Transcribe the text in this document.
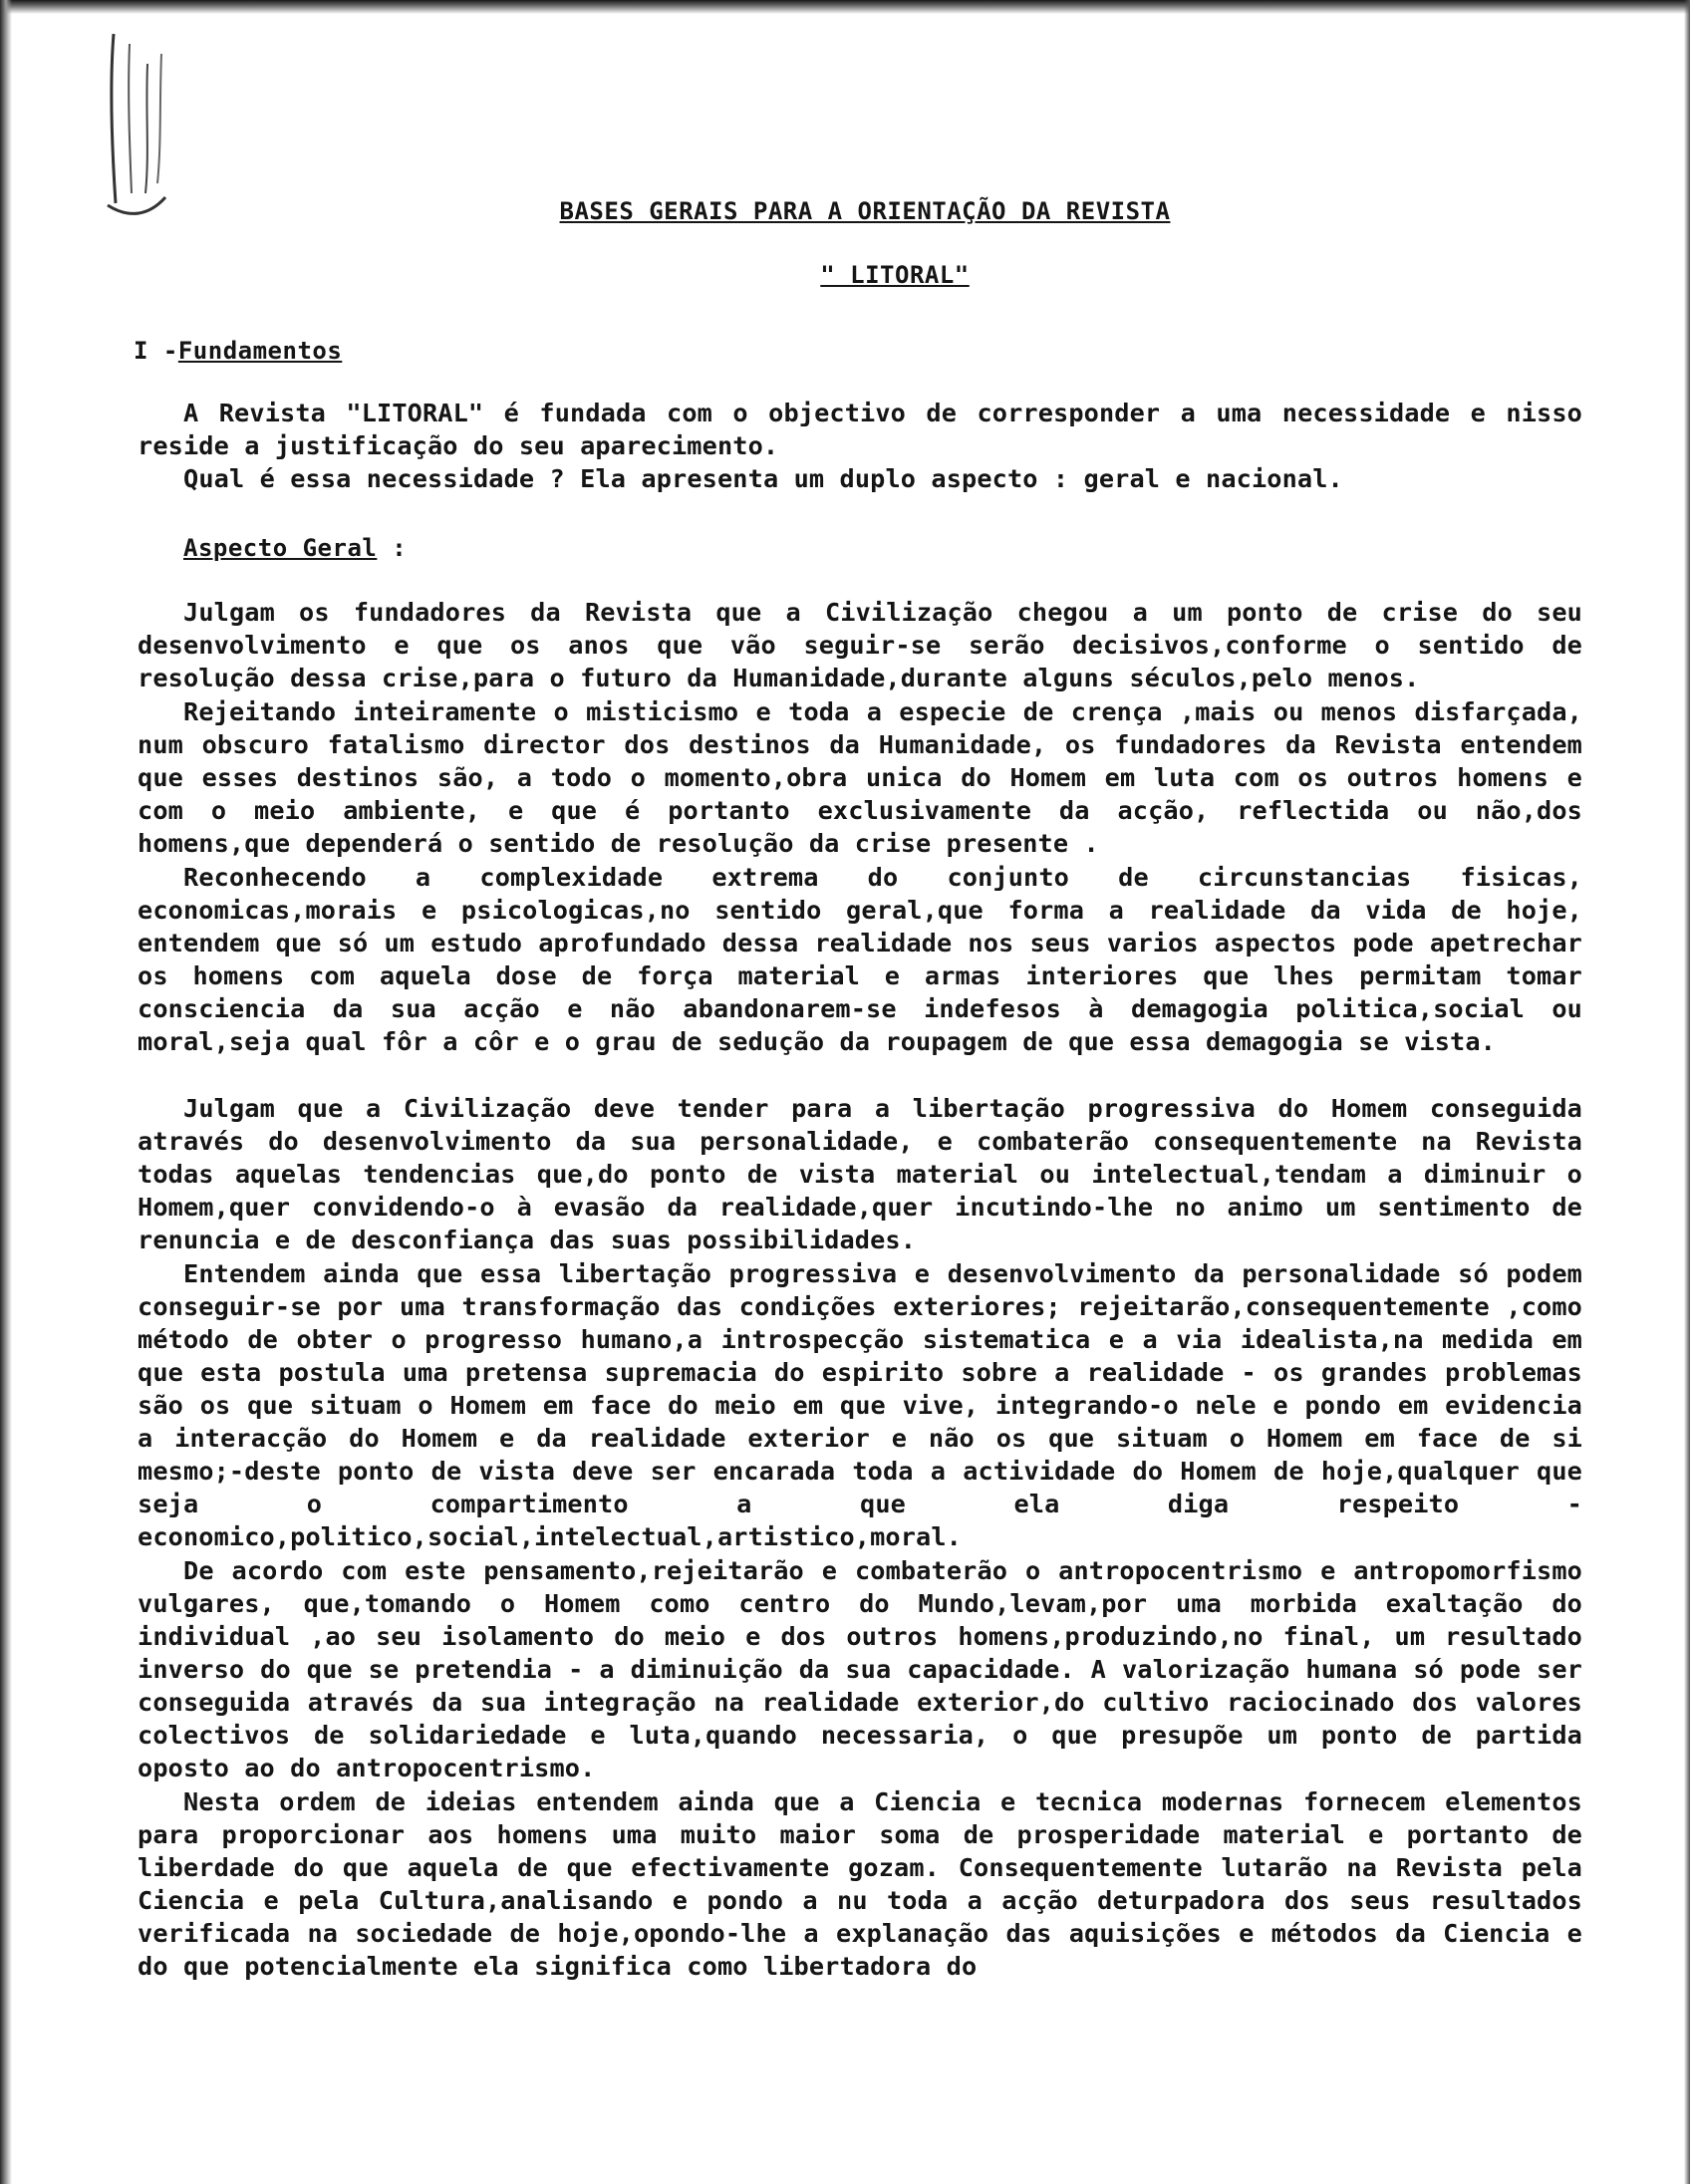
BASES GERAIS PARA A ORIENTAÇÃO DA REVISTA
" LITORAL"
I -Fundamentos
A Revista "LITORAL" é fundada com o objectivo de corresponder a uma necessidade e nisso reside a justificação do seu aparecimento.
Qual é essa necessidade ? Ela apresenta um duplo aspecto : geral e nacional.
Aspecto Geral :
Julgam os fundadores da Revista que a Civilização chegou a um ponto de crise do seu desenvolvimento e que os anos que vão seguir-se serão decisivos,conforme o sentido de resolução dessa crise,para o futuro da Humanidade,durante alguns séculos,pelo menos.
Rejeitando inteiramente o misticismo e toda a especie de crença ,mais ou menos disfarçada, num obscuro fatalismo director dos destinos da Humanidade, os fundadores da Revista entendem que esses destinos são, a todo o momento,obra unica do Homem em luta com os outros homens e com o meio ambiente, e que é portanto exclusivamente da acção, reflectida ou não,dos homens,que dependerá o sentido de resolução da crise presente .
Reconhecendo a complexidade extrema do conjunto de circunstancias fisicas, economicas,morais e psicologicas,no sentido geral,que forma a realidade da vida de hoje, entendem que só um estudo aprofundado dessa realidade nos seus varios aspectos pode apetrechar os homens com aquela dose de força material e armas interiores que lhes permitam tomar consciencia da sua acção e não abandonarem-se indefesos à demagogia politica,social ou moral,seja qual fôr a côr e o grau de sedução da roupagem de que essa demagogia se vista.
Julgam que a Civilização deve tender para a libertação progressiva do Homem conseguida através do desenvolvimento da sua personalidade, e combaterão consequentemente na Revista todas aquelas tendencias que,do ponto de vista material ou intelectual,tendam a diminuir o Homem,quer convidendo-o à evasão da realidade,quer incutindo-lhe no animo um sentimento de renuncia e de desconfiança das suas possibilidades.
Entendem ainda que essa libertação progressiva e desenvolvimento da personalidade só podem conseguir-se por uma transformação das condições exteriores; rejeitarão,consequentemente ,como método de obter o progresso humano,a introspecção sistematica e a via idealista,na medida em que esta postula uma pretensa supremacia do espirito sobre a realidade - os grandes problemas são os que situam o Homem em face do meio em que vive, integrando-o nele e pondo em evidencia a interacção do Homem e da realidade exterior e não os que situam o Homem em face de si mesmo;-deste ponto de vista deve ser encarada toda a actividade do Homem de hoje,qualquer que seja o compartimento a que ela diga respeito - economico,politico,social,intelectual,artistico,moral.
De acordo com este pensamento,rejeitarão e combaterão o antropocentrismo e antropomorfismo vulgares, que,tomando o Homem como centro do Mundo,levam,por uma morbida exaltação do individual ,ao seu isolamento do meio e dos outros homens,produzindo,no final, um resultado inverso do que se pretendia - a diminuição da sua capacidade. A valorização humana só pode ser conseguida através da sua integração na realidade exterior,do cultivo raciocinado dos valores colectivos de solidariedade e luta,quando necessaria, o que presupõe um ponto de partida oposto ao do antropocentrismo.
Nesta ordem de ideias entendem ainda que a Ciencia e tecnica modernas fornecem elementos para proporcionar aos homens uma muito maior soma de prosperidade material e portanto de liberdade do que aquela de que efectivamente gozam. Consequentemente lutarão na Revista pela Ciencia e pela Cultura,analisando e pondo a nu toda a acção deturpadora dos seus resultados verificada na sociedade de hoje,opondo-lhe a explanação das aquisições e métodos da Ciencia e do que potencialmente ela significa como libertadora do
